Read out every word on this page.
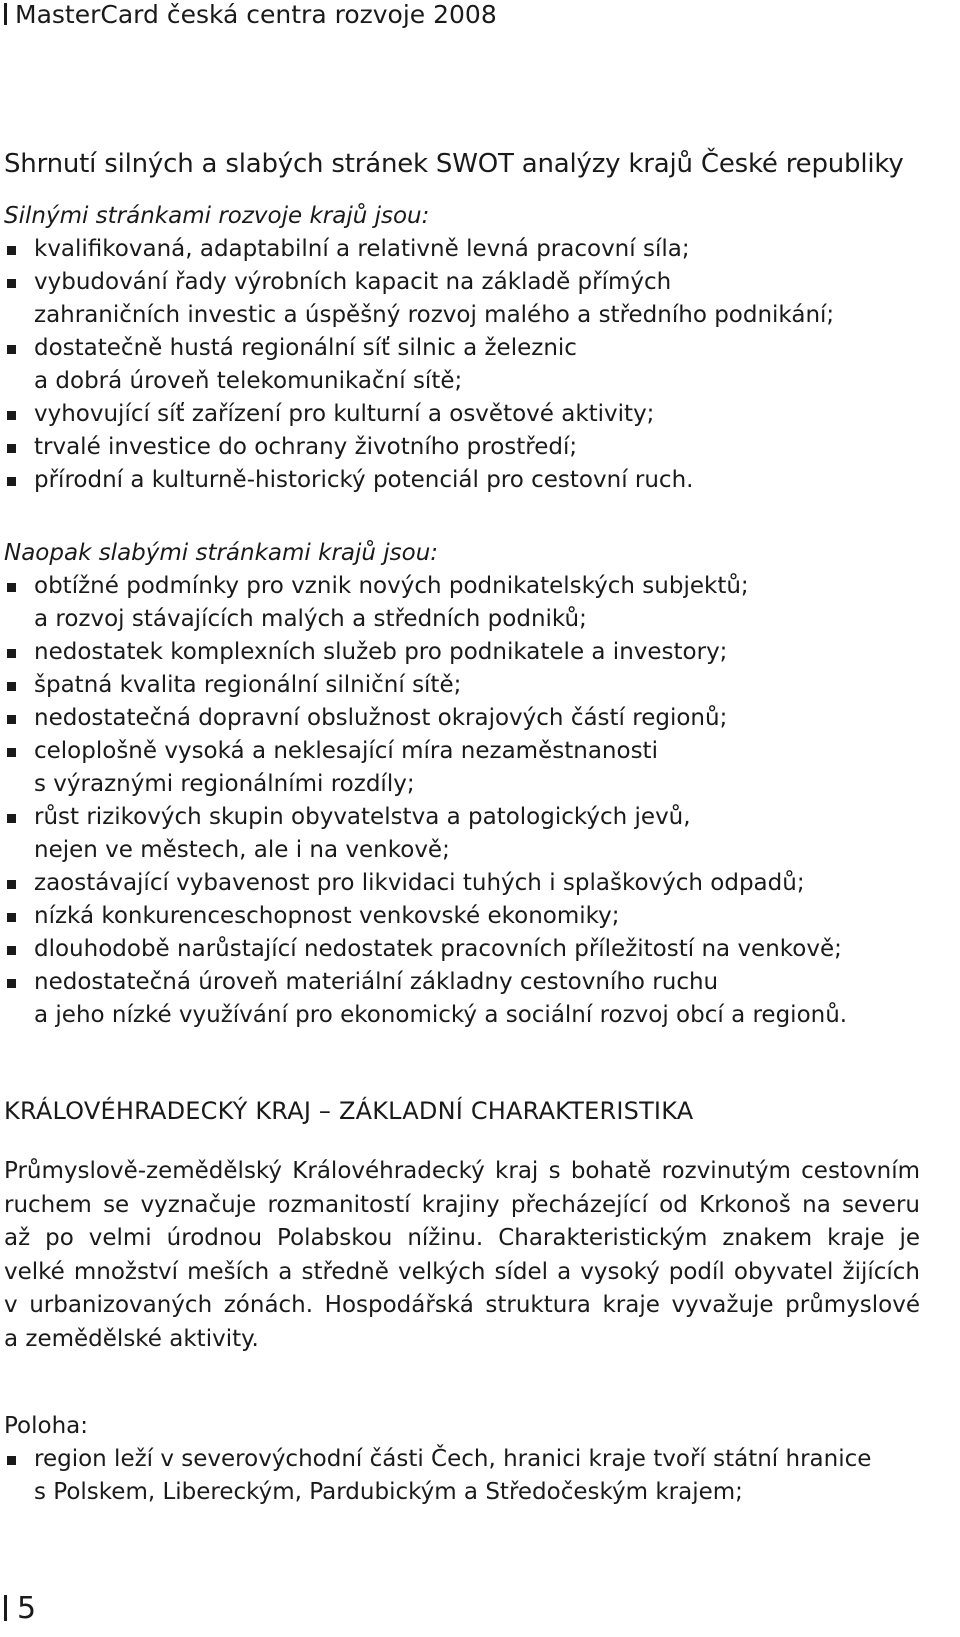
MasterCard česká centra rozvoje 2008
Shrnutí silných a slabých stránek SWOT analýzy krajů České republiky
Silnými stránkami rozvoje krajů jsou:
kvalifikovaná, adaptabilní a relativně levná pracovní síla;
vybudování řady výrobních kapacit na základě přímých
zahraničních investic a úspěšný rozvoj malého a středního podnikání;
dostatečně hustá regionální síť silnic a železnic
a dobrá úroveň telekomunikační sítě;
vyhovující síť zařízení pro kulturní a osvětové aktivity;
trvalé investice do ochrany životního prostředí;
přírodní a kulturně-historický potenciál pro cestovní ruch.
Naopak slabými stránkami krajů jsou:
obtížné podmínky pro vznik nových podnikatelských subjektů;
a rozvoj stávajících malých a středních podniků;
nedostatek komplexních služeb pro podnikatele a investory;
špatná kvalita regionální silniční sítě;
nedostatečná dopravní obslužnost okrajových částí regionů;
celoplošně vysoká a neklesající míra nezaměstnanosti
s výraznými regionálními rozdíly;
růst rizikových skupin obyvatelstva a patologických jevů,
nejen ve městech, ale i na venkově;
zaostávající vybavenost pro likvidaci tuhých i splaškových odpadů;
nízká konkurenceschopnost venkovské ekonomiky;
dlouhodobě narůstající nedostatek pracovních příležitostí na venkově;
nedostatečná úroveň materiální základny cestovního ruchu
a jeho nízké využívání pro ekonomický a sociální rozvoj obcí a regionů.
KRÁLOVÉHRADECKÝ KRAJ – ZÁKLADNÍ CHARAKTERISTIKA
Průmyslově-zemědělský Královéhradecký kraj s bohatě rozvinutým cestovním
ruchem se vyznačuje rozmanitostí krajiny přecházející od Krkonoš na severu
až po velmi úrodnou Polabskou nížinu. Charakteristickým znakem kraje je
velké množství meších a středně velkých sídel a vysoký podíl obyvatel žijících
v urbanizovaných zónách. Hospodářská struktura kraje vyvažuje průmyslové
a zemědělské aktivity.
Poloha:
region leží v severovýchodní části Čech, hranici kraje tvoří státní hranice
s Polskem, Libereckým, Pardubickým a Středočeským krajem;
5
